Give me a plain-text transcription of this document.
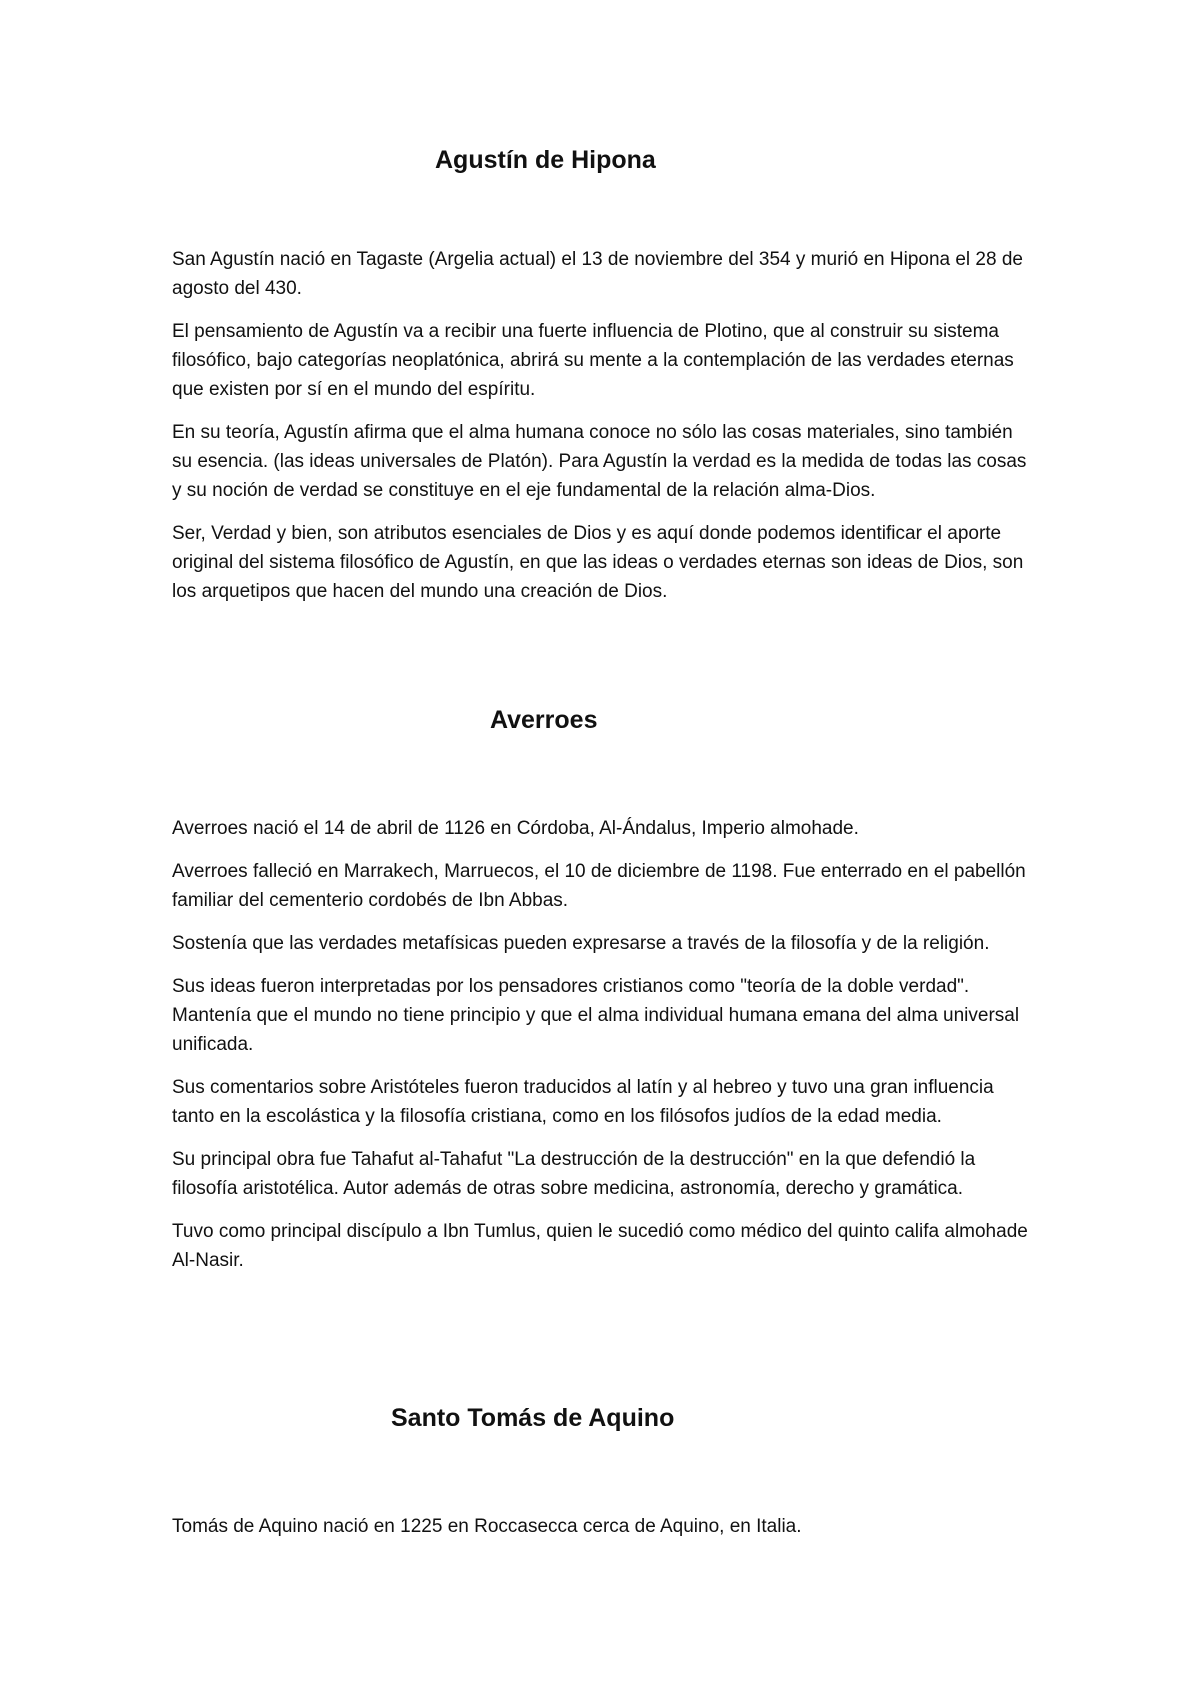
Agustín de Hipona

San Agustín nació en Tagaste (Argelia actual) el 13 de noviembre del 354 y murió en Hipona el 28 de agosto del 430.

El pensamiento de Agustín va a recibir una fuerte influencia de Plotino, que al construir su sistema filosófico, bajo categorías neoplatónica, abrirá su mente a la contemplación de las verdades eternas que existen por sí en el mundo del espíritu.

En su teoría, Agustín afirma que el alma humana conoce no sólo las cosas materiales, sino también su esencia. (las ideas universales de Platón). Para Agustín la verdad es la medida de todas las cosas y su noción de verdad se constituye en el eje fundamental de la relación alma-Dios.

Ser, Verdad y bien, son atributos esenciales de Dios y es aquí donde podemos identificar el aporte original del sistema filosófico de Agustín, en que las ideas o verdades eternas son ideas de Dios, son los arquetipos que hacen del mundo una creación de Dios.

Averroes

Averroes nació el 14 de abril de 1126 en Córdoba, Al-Ándalus, Imperio almohade.

Averroes falleció en Marrakech, Marruecos, el 10 de diciembre de 1198. Fue enterrado en el pabellón familiar del cementerio cordobés de Ibn Abbas.

Sostenía que las verdades metafísicas pueden expresarse a través de la filosofía y de la religión.

Sus ideas fueron interpretadas por los pensadores cristianos como "teoría de la doble verdad". Mantenía que el mundo no tiene principio y que el alma individual humana emana del alma universal unificada.

Sus comentarios sobre Aristóteles fueron traducidos al latín y al hebreo y tuvo una gran influencia tanto en la escolástica y la filosofía cristiana, como en los filósofos judíos de la edad media.

Su principal obra fue Tahafut al-Tahafut "La destrucción de la destrucción" en la que defendió la filosofía aristotélica. Autor además de otras sobre medicina, astronomía, derecho y gramática.

Tuvo como principal discípulo a Ibn Tumlus, quien le sucedió como médico del quinto califa almohade Al-Nasir.

Santo Tomás de Aquino

Tomás de Aquino nació en 1225 en Roccasecca cerca de Aquino, en Italia.
